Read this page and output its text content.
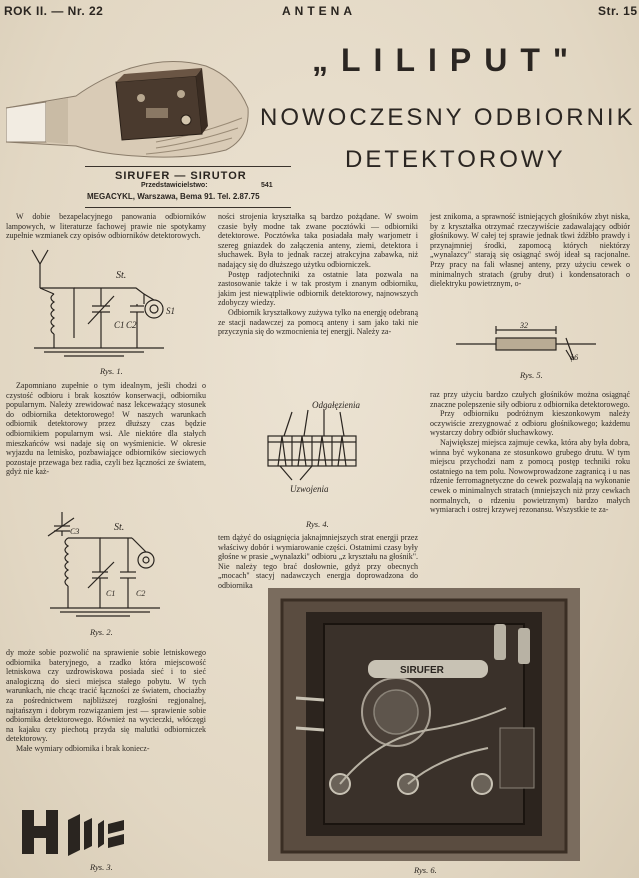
ROK II. — Nr. 22	ANTENA	Str. 15
„LILIPUT"
NOWOCZESNY ODBIORNIK
DETEKTOROWY
SIRUFER — SIRUTOR
Przedstawicielstwo:	541
MEGACYKL, Warszawa, Bema 91. Tel. 2.87.75

W dobie bezapelacyjnego panowania odbiorników lampowych, w literaturze fachowej prawie nie spotykamy zupełnie wzmianek czy opisów odbiorników detektorowych.

St.
C1 C2
S1
Rys. 1.

Zapomniano zupełnie o tym idealnym, jeśli chodzi o czystość odbioru i brak kosztów konserwacji, odbiorniku popularnym. Należy zrewidować nasz lekceważący stosunek do odbiornika detektorowego! W naszych warunkach odbiornik detektorowy przez dłuższy czas będzie odbiornikiem popularnym wsi. Ale niektóre dla stałych mieszkańców wsi nadaje się on wyśmienicie. W okresie wyjazdu na letnisko, pozbawiające odbiorników sieciowych pozostaje przewaga bez radia, czyli bez łączności ze światem, gdyż nie każ-

St.
C3
C1	C2
Rys. 2.

dy może sobie pozwolić na sprawienie sobie letniskowego odbiornika bateryjnego, a rzadko która miejscowość letniskowa czy uzdrowiskowa posiada sieć i to sieć analogiczną do sieci miejsca stałego pobytu. W tych warunkach, nie chcąc tracić łączności ze światem, chociażby za pośrednictwem najbliższej rozgłośni regjonalnej, najtańszym i dobrym rozwiązaniem jest — sprawienie sobie odbiornika detektorowego. Również na wycieczki, włóczęgi na kajaku czy piechotą przyda się malutki odbiorniczek detektorowy.

Małe wymiary odbiornika i brak koniecz-

Rys. 3.

ności strojenia kryształka są bardzo pożądane. W swoim czasie były modne tak zwane pocztówki — odbiorniki detektorowe. Pocztówka taka posiadała mały warjometr i szereg gniazdek do załączenia anteny, ziemi, detektora i słuchawek. Była to jednak raczej atrakcyjna zabawka, niż nadający się do dłuższego użytku odbiorniczek.

Postęp radjotechniki za ostatnie lata pozwala na zastosowanie także i w tak prostym i znanym odbiorniku, jakim jest niewątpliwie odbiornik detektorowy, najnowszych zdobyczy wiedzy.

Odbiornik kryształkowy zużywa tylko na energję odebraną ze stacji nadawczej za pomocą anteny i sam jako taki nie przyczynia się do wzmocnienia tej energji. Należy za-

Odgałęzienia
Uzwojenia
Rys. 4.

tem dążyć do osiągnięcia jaknajmniejszych strat energji przez właściwy dobór i wymiarowanie części. Ostatnimi czasy były głośne w prasie „wynalazki" odbioru „z kryształu na głośnik". Nie należy tego brać dosłownie, gdyż przy obecnych „mocach" stacyj nadawczych energja doprowadzona do odbiornika

jest znikoma, a sprawność istniejących głośników zbyt niska, by z kryształka otrzymać rzeczywiście zadawalający odbiór głośnikowy. W całej tej sprawie jednak tkwi źdźbło prawdy i przynajmniej środki, zapomocą których niektórzy „wynalazcy" starają się osiągnąć swój ideał są racjonalne. Przy pracy na fali własnej anteny, przy użyciu cewek o minimalnych stratach (gruby drut) i kondensatorach o dielektryku powietrznym, o-

32
ϕ6
Rys. 5.

raz przy użyciu bardzo czułych głośników można osiągnąć znaczne polepszenie siły odbioru z odbiornika detektorowego.

Przy odbiorniku podróżnym kieszonkowym należy oczywiście zrezygnować z odbioru głośnikowego; każdemu wystarczy dobry odbiór słuchawkowy.

Największej miejsca zajmuje cewka, która aby była dobra, winna być wykonana ze stosunkowo grubego drutu. W tym miejscu przychodzi nam z pomocą postęp techniki roku ostatniego na tem polu. Nowowprowadzone zagranicą i u nas rdzenie ferromagnetyczne do cewek pozwalają na wykonanie cewek o minimalnych stratach (mniejszych niż przy cewkach normalnych, o rdzeniu powietrznym) bardzo małych wymiarach i ostrej krzywej rezonansu. Wszystkie te za-

SIRUFER
Rys. 6.
